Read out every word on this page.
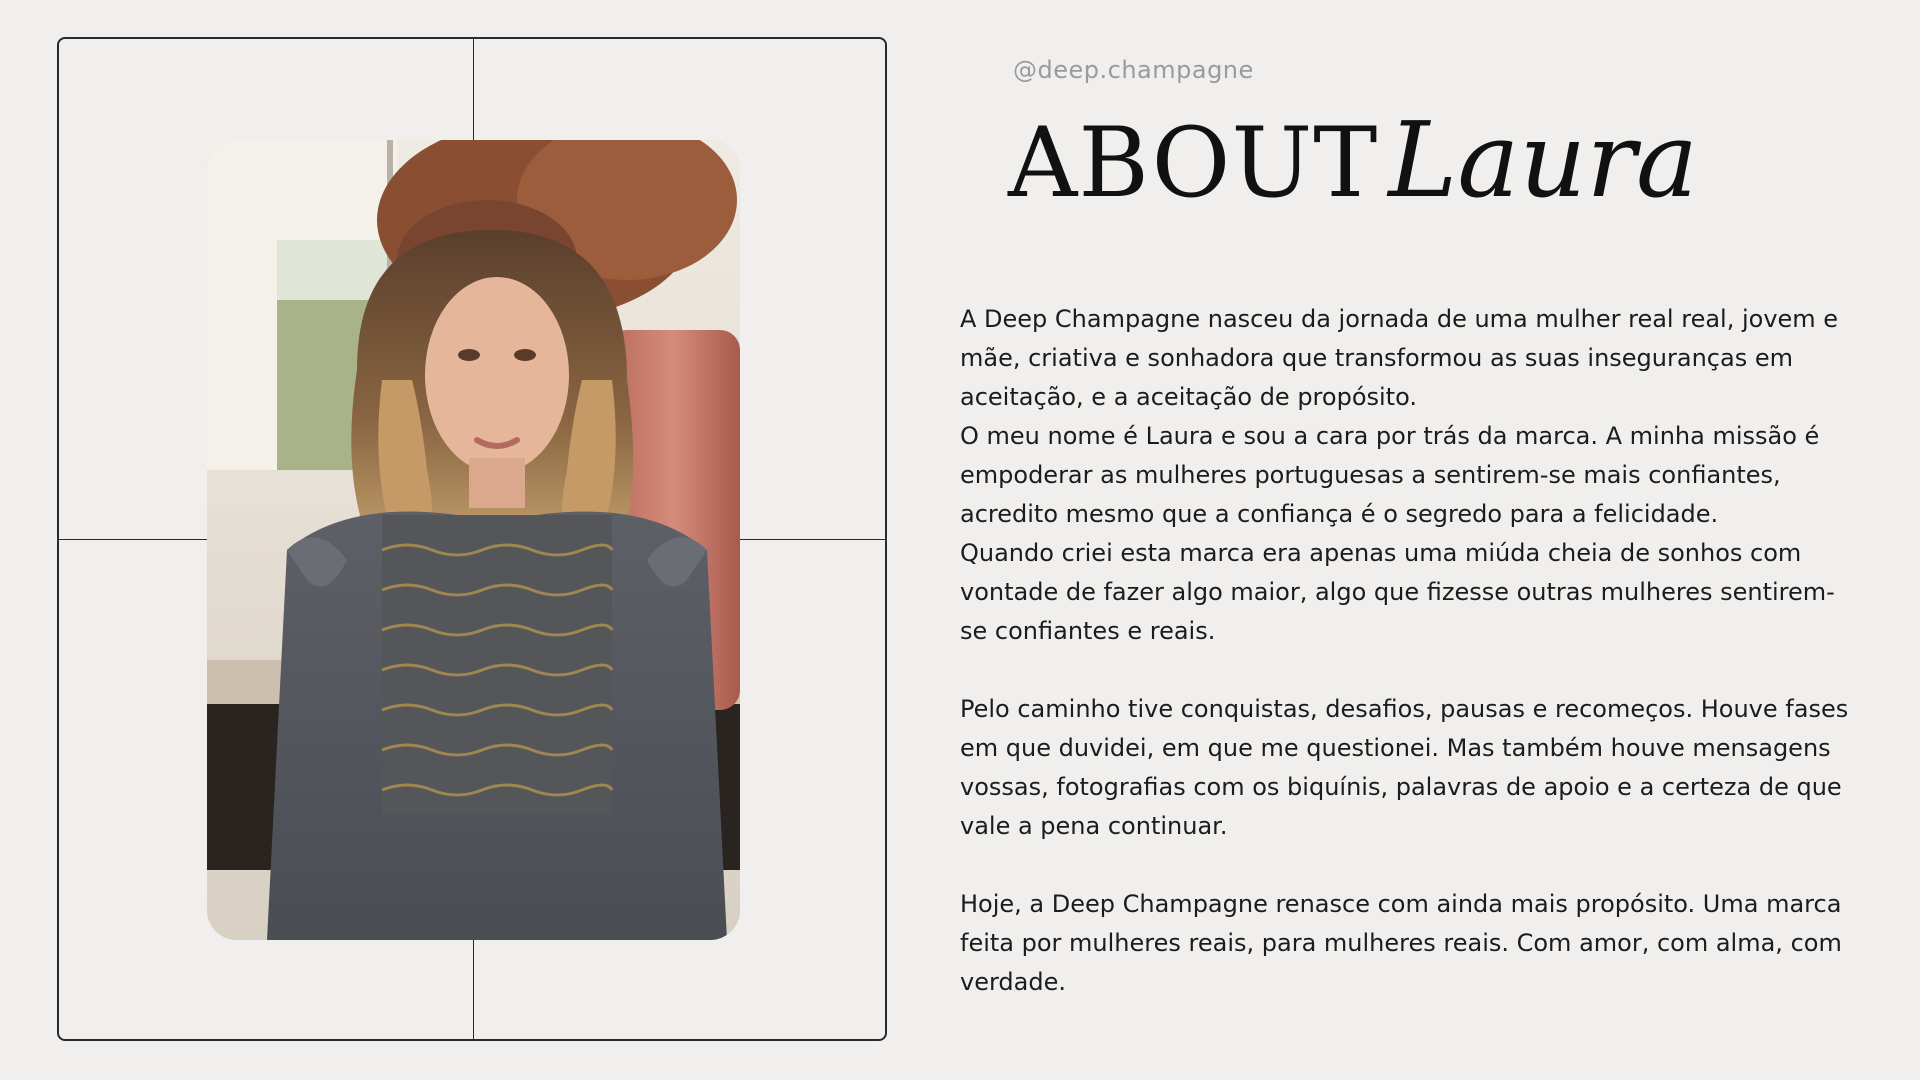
@deep.champagne
ABOUTLaura

A Deep Champagne nasceu da jornada de uma mulher real real, jovem e mãe, criativa e sonhadora que transformou as suas inseguranças em aceitação, e a aceitação de propósito.

O meu nome é Laura e sou a cara por trás da marca. A minha missão é empoderar as mulheres portuguesas a sentirem-se mais confiantes, acredito mesmo que a confiança é o segredo para a felicidade.

Quando criei esta marca era apenas uma miúda cheia de sonhos com vontade de fazer algo maior, algo que fizesse outras mulheres sentirem-se confiantes e reais.

Pelo caminho tive conquistas, desafios, pausas e recomeços. Houve fases em que duvidei, em que me questionei. Mas também houve mensagens vossas, fotografias com os biquínis, palavras de apoio e a certeza de que vale a pena continuar.

Hoje, a Deep Champagne renasce com ainda mais propósito. Uma marca feita por mulheres reais, para mulheres reais. Com amor, com alma, com verdade.
